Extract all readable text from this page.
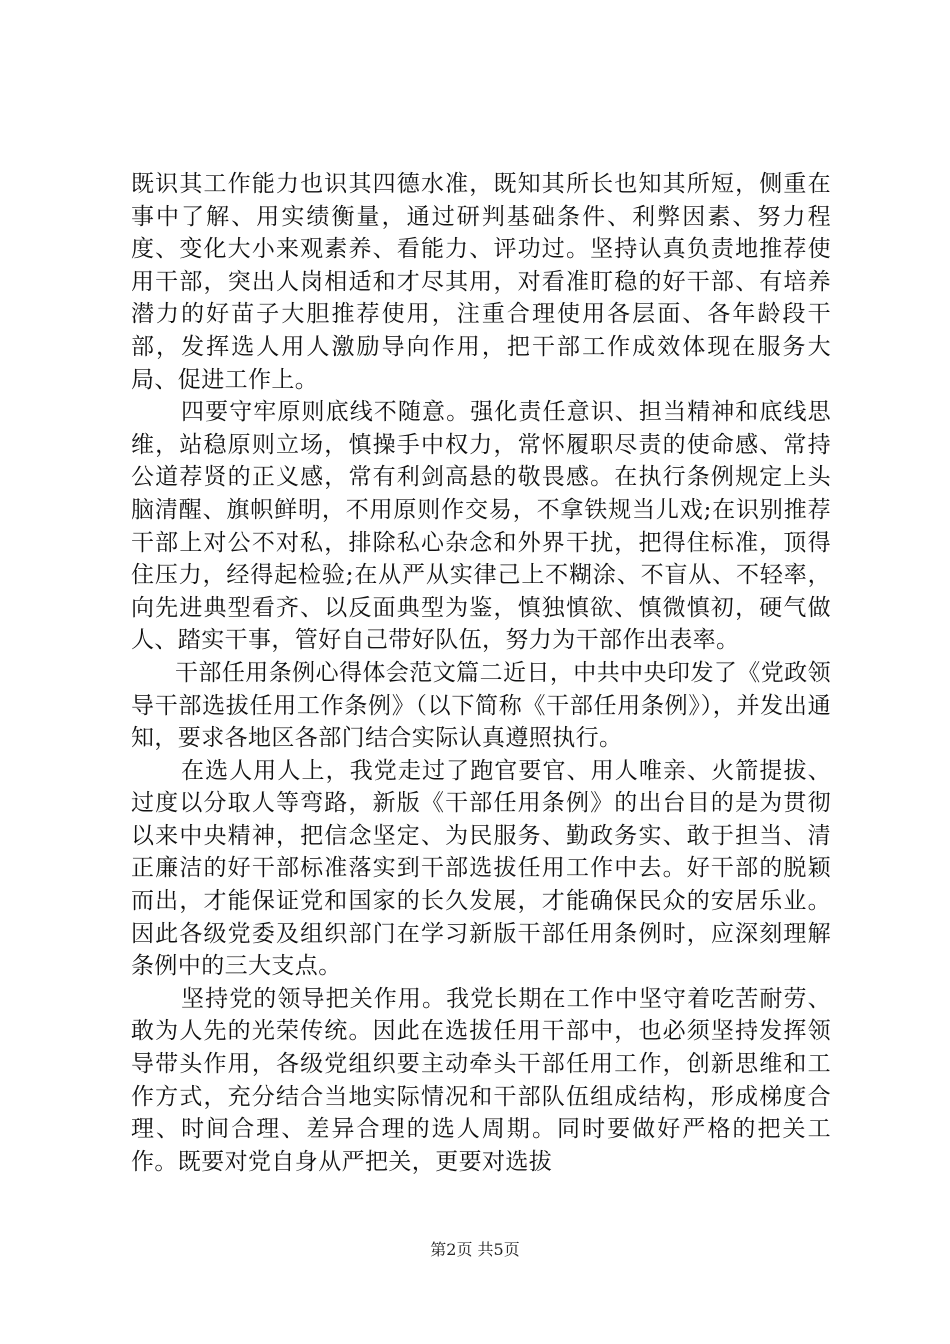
既识其工作能力也识其四德水准，既知其所长也知其所短，侧重在事中了解、用实绩衡量，通过研判基础条件、利弊因素、努力程度、变化大小来观素养、看能力、评功过。坚持认真负责地推荐使用干部，突出人岗相适和才尽其用，对看准盯稳的好干部、有培养潜力的好苗子大胆推荐使用，注重合理使用各层面、各年龄段干部，发挥选人用人激励导向作用，把干部工作成效体现在服务大局、促进工作上。

四要守牢原则底线不随意。强化责任意识、担当精神和底线思维，站稳原则立场，慎操手中权力，常怀履职尽责的使命感、常持公道荐贤的正义感，常有利剑高悬的敬畏感。在执行条例规定上头脑清醒、旗帜鲜明，不用原则作交易，不拿铁规当儿戏;在识别推荐干部上对公不对私，排除私心杂念和外界干扰，把得住标准，顶得住压力，经得起检验;在从严从实律己上不糊涂、不盲从、不轻率，向先进典型看齐、以反面典型为鉴，慎独慎欲、慎微慎初，硬气做人、踏实干事，管好自己带好队伍，努力为干部作出表率。

干部任用条例心得体会范文篇二近日，中共中央印发了《党政领导干部选拔任用工作条例》（以下简称《干部任用条例》），并发出通知，要求各地区各部门结合实际认真遵照执行。

在选人用人上，我党走过了跑官要官、用人唯亲、火箭提拔、过度以分取人等弯路，新版《干部任用条例》的出台目的是为贯彻以来中央精神，把信念坚定、为民服务、勤政务实、敢于担当、清正廉洁的好干部标准落实到干部选拔任用工作中去。好干部的脱颖而出，才能保证党和国家的长久发展，才能确保民众的安居乐业。因此各级党委及组织部门在学习新版干部任用条例时，应深刻理解条例中的三大支点。

坚持党的领导把关作用。我党长期在工作中坚守着吃苦耐劳、敢为人先的光荣传统。因此在选拔任用干部中，也必须坚持发挥领导带头作用，各级党组织要主动牵头干部任用工作，创新思维和工作方式，充分结合当地实际情况和干部队伍组成结构，形成梯度合理、时间合理、差异合理的选人周期。同时要做好严格的把关工作。既要对党自身从严把关，更要对选拔

第2页 共5页
